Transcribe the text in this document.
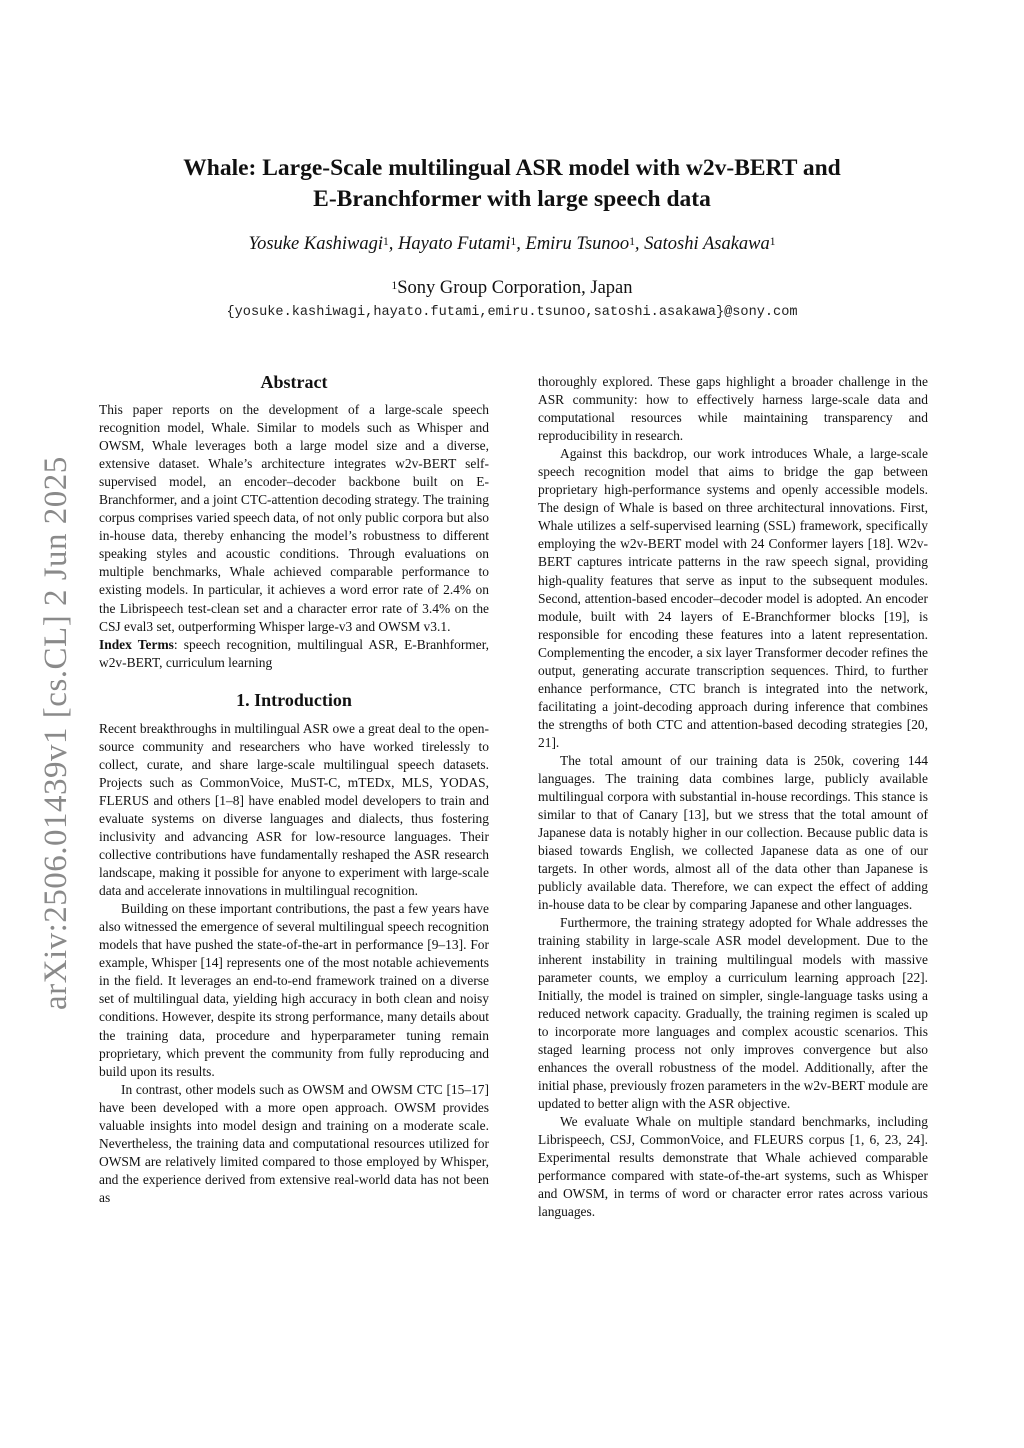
arXiv:2506.01439v1 [cs.CL] 2 Jun 2025
Whale: Large-Scale multilingual ASR model with w2v-BERT and
E-Branchformer with large speech data
Yosuke Kashiwagi$^1$, Hayato Futami$^1$, Emiru Tsunoo$^1$, Satoshi Asakawa$^1$
$^1$Sony Group Corporation, Japan
{yosuke.kashiwagi,hayato.futami,emiru.tsunoo,satoshi.asakawa}@sony.com
Abstract

This paper reports on the development of a large-scale speech recognition model, Whale. Similar to models such as Whisper and OWSM, Whale leverages both a large model size and a diverse, extensive dataset. Whale’s architecture integrates w2v-BERT self-supervised model, an encoder–decoder backbone built on E-Branchformer, and a joint CTC-attention decoding strategy. The training corpus comprises varied speech data, of not only public corpora but also in-house data, thereby enhancing the model’s robustness to different speaking styles and acoustic conditions. Through evaluations on multiple benchmarks, Whale achieved comparable performance to existing models. In particular, it achieves a word error rate of 2.4% on the Librispeech test-clean set and a character error rate of 3.4% on the CSJ eval3 set, outperforming Whisper large-v3 and OWSM v3.1.

Index Terms: speech recognition, multilingual ASR, E-Branhformer, w2v-BERT, curriculum learning

1. Introduction

Recent breakthroughs in multilingual ASR owe a great deal to the open-source community and researchers who have worked tirelessly to collect, curate, and share large-scale multilingual speech datasets. Projects such as CommonVoice, MuST-C, mTEDx, MLS, YODAS, FLERUS and others [1–8] have enabled model developers to train and evaluate systems on diverse languages and dialects, thus fostering inclusivity and advancing ASR for low-resource languages. Their collective contributions have fundamentally reshaped the ASR research landscape, making it possible for anyone to experiment with large-scale data and accelerate innovations in multilingual recognition.

Building on these important contributions, the past a few years have also witnessed the emergence of several multilingual speech recognition models that have pushed the state-of-the-art in performance [9–13]. For example, Whisper [14] represents one of the most notable achievements in the field. It leverages an end-to-end framework trained on a diverse set of multilingual data, yielding high accuracy in both clean and noisy conditions. However, despite its strong performance, many details about the training data, procedure and hyperparameter tuning remain proprietary, which prevent the community from fully reproducing and build upon its results.

In contrast, other models such as OWSM and OWSM CTC [15–17] have been developed with a more open approach. OWSM provides valuable insights into model design and training on a moderate scale. Nevertheless, the training data and computational resources utilized for OWSM are relatively limited compared to those employed by Whisper, and the experience derived from extensive real-world data has not been as

thoroughly explored. These gaps highlight a broader challenge in the ASR community: how to effectively harness large-scale data and computational resources while maintaining transparency and reproducibility in research.

Against this backdrop, our work introduces Whale, a large-scale speech recognition model that aims to bridge the gap between proprietary high-performance systems and openly accessible models. The design of Whale is based on three architectural innovations. First, Whale utilizes a self-supervised learning (SSL) framework, specifically employing the w2v-BERT model with 24 Conformer layers [18]. W2v-BERT captures intricate patterns in the raw speech signal, providing high-quality features that serve as input to the subsequent modules. Second, attention-based encoder–decoder model is adopted. An encoder module, built with 24 layers of E-Branchformer blocks [19], is responsible for encoding these features into a latent representation. Complementing the encoder, a six layer Transformer decoder refines the output, generating accurate transcription sequences. Third, to further enhance performance, CTC branch is integrated into the network, facilitating a joint-decoding approach during inference that combines the strengths of both CTC and attention-based decoding strategies [20, 21].

The total amount of our training data is 250k, covering 144 languages. The training data combines large, publicly available multilingual corpora with substantial in-house recordings. This stance is similar to that of Canary [13], but we stress that the total amount of Japanese data is notably higher in our collection. Because public data is biased towards English, we collected Japanese data as one of our targets. In other words, almost all of the data other than Japanese is publicly available data. Therefore, we can expect the effect of adding in-house data to be clear by comparing Japanese and other languages.

Furthermore, the training strategy adopted for Whale addresses the training stability in large-scale ASR model development. Due to the inherent instability in training multilingual models with massive parameter counts, we employ a curriculum learning approach [22]. Initially, the model is trained on simpler, single-language tasks using a reduced network capacity. Gradually, the training regimen is scaled up to incorporate more languages and complex acoustic scenarios. This staged learning process not only improves convergence but also enhances the overall robustness of the model. Additionally, after the initial phase, previously frozen parameters in the w2v-BERT module are updated to better align with the ASR objective.

We evaluate Whale on multiple standard benchmarks, including Librispeech, CSJ, CommonVoice, and FLEURS corpus [1, 6, 23, 24]. Experimental results demonstrate that Whale achieved comparable performance compared with state-of-the-art systems, such as Whisper and OWSM, in terms of word or character error rates across various languages.
